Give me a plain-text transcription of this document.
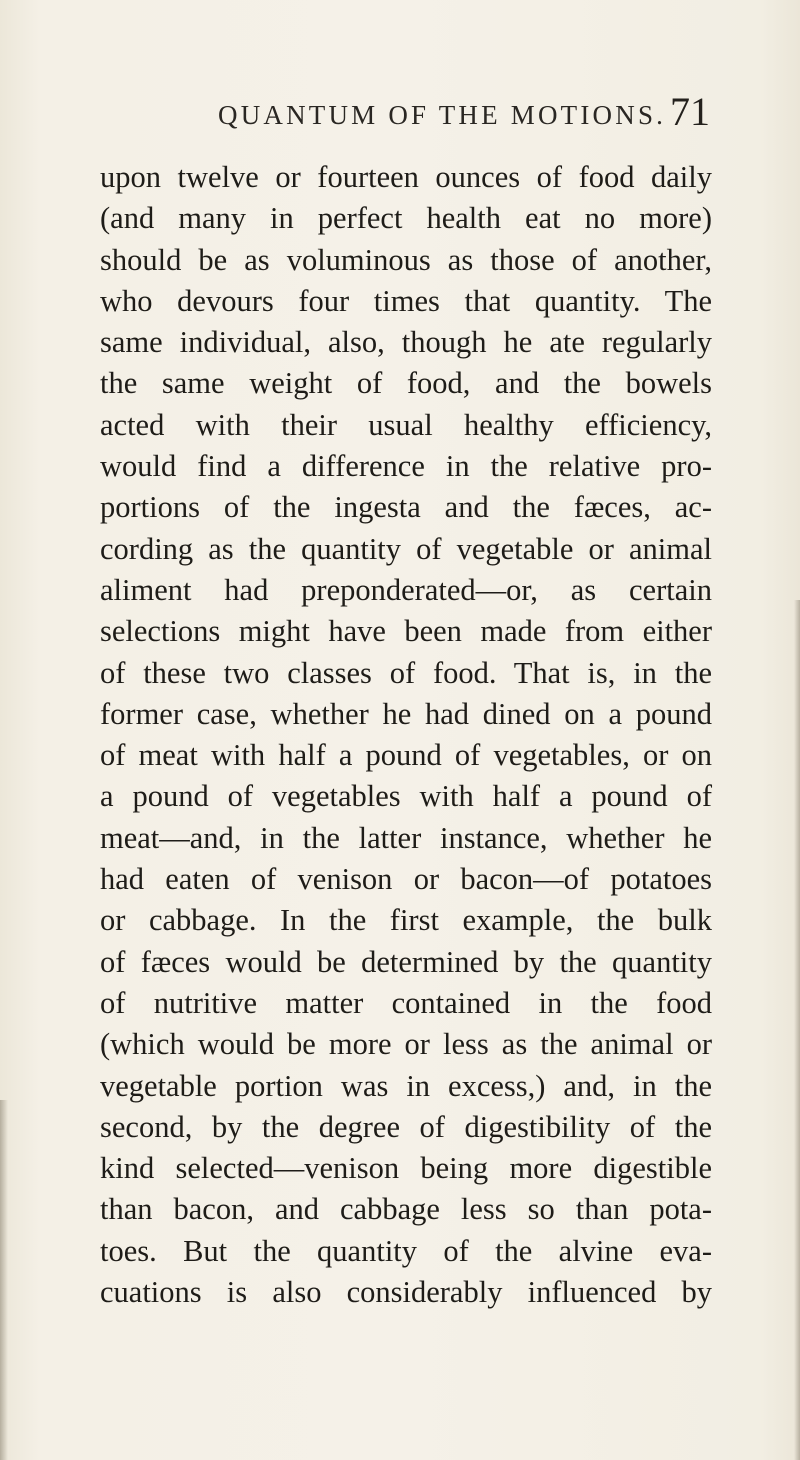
QUANTUM OF THE MOTIONS. 71
upon twelve or fourteen ounces of food daily
(and many in perfect health eat no more)
should be as voluminous as those of another,
who devours four times that quantity. The
same individual, also, though he ate regularly
the same weight of food, and the bowels
acted with their usual healthy efficiency,
would find a difference in the relative pro-
portions of the ingesta and the fæces, ac-
cording as the quantity of vegetable or animal
aliment had preponderated—or, as certain
selections might have been made from either
of these two classes of food. That is, in the
former case, whether he had dined on a pound
of meat with half a pound of vegetables, or on
a pound of vegetables with half a pound of
meat—and, in the latter instance, whether he
had eaten of venison or bacon—of potatoes
or cabbage. In the first example, the bulk
of fæces would be determined by the quantity
of nutritive matter contained in the food
(which would be more or less as the animal or
vegetable portion was in excess,) and, in the
second, by the degree of digestibility of the
kind selected—venison being more digestible
than bacon, and cabbage less so than pota-
toes. But the quantity of the alvine eva-
cuations is also considerably influenced by
